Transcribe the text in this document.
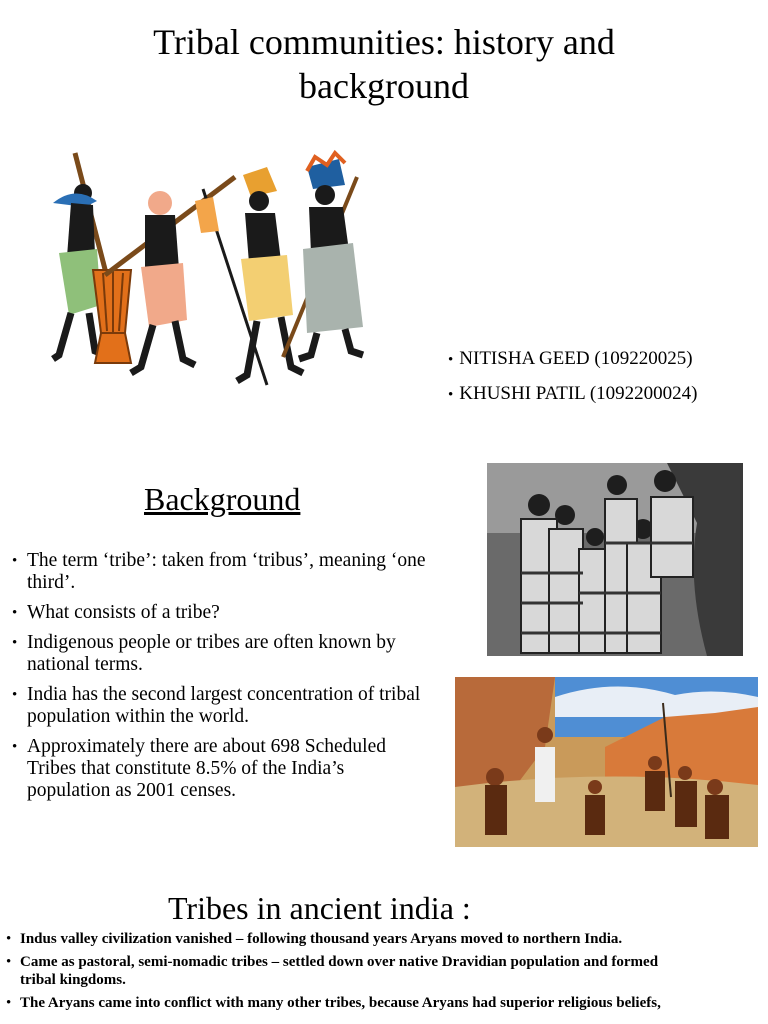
Tribal communities: history and
background
• NITISHA GEED (109220025)
• KHUSHI PATIL (1092200024)
Background
• The term ‘tribe’: taken from ‘tribus’, meaning ‘one
third’.
• What consists of a tribe?
• Indigenous people or tribes are often known by
national terms.
• India has the second largest concentration of tribal
population within the world.
• Approximately there are about 698 Scheduled
Tribes that constitute 8.5% of the India’s
population as 2001 censes.
Tribes in ancient india :
• Indus valley civilization vanished – following thousand years Aryans moved to northern India.
• Came as pastoral, semi-nomadic tribes – settled down over native Dravidian population and formed
tribal kingdoms.
• The Aryans came into conflict with many other tribes, because Aryans had superior religious beliefs,
